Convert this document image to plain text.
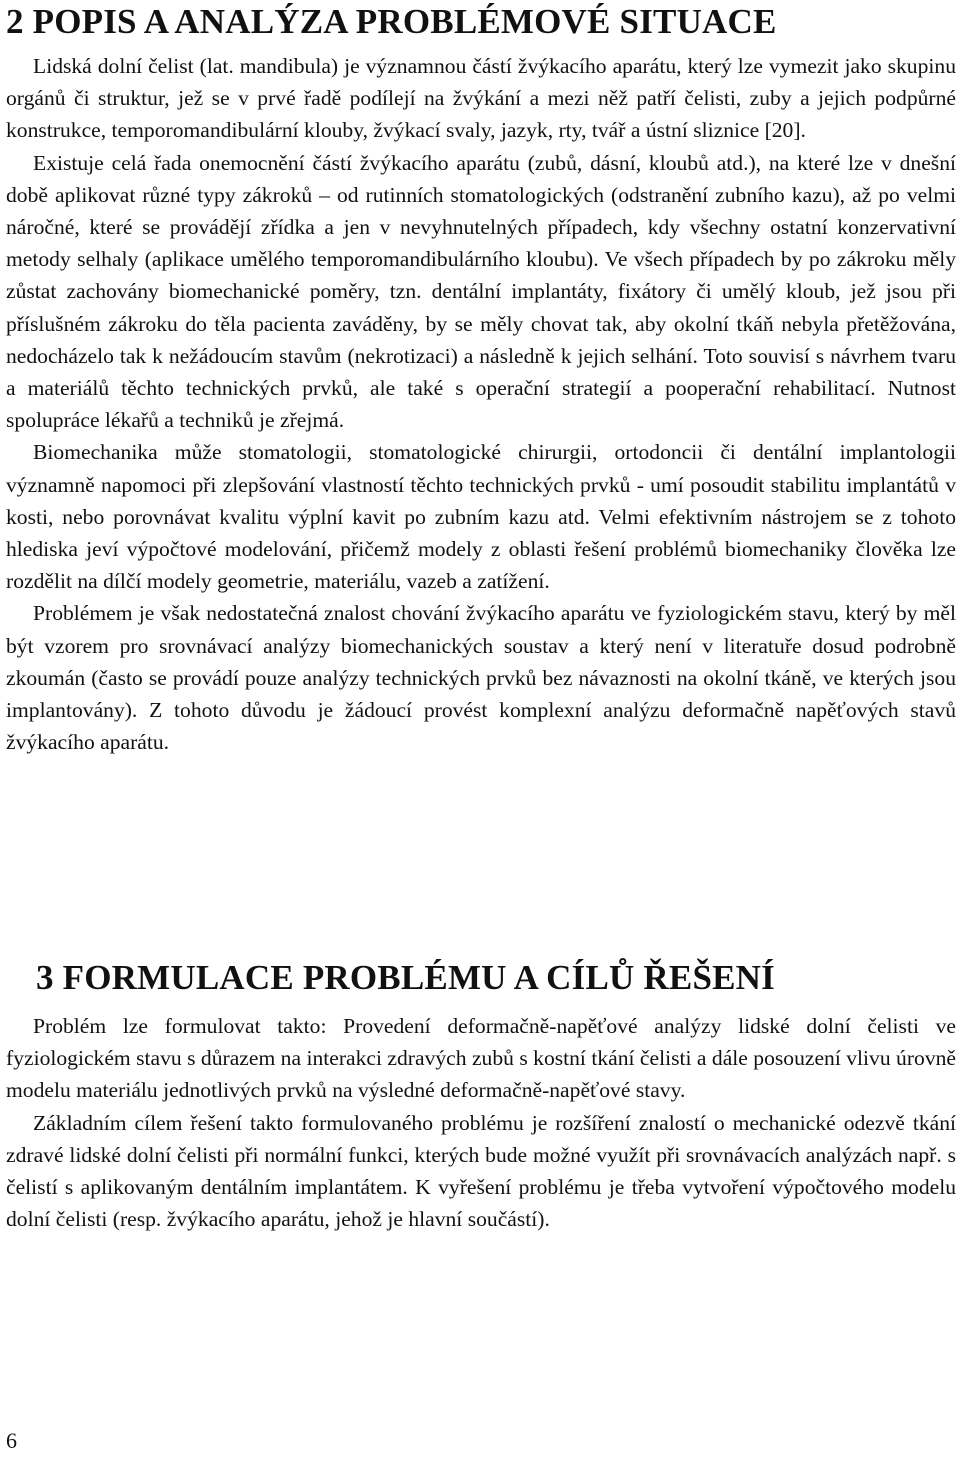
2 POPIS A ANALÝZA PROBLÉMOVÉ SITUACE

Lidská dolní čelist (lat. mandibula) je významnou částí žvýkacího aparátu, který lze vymezit jako skupinu orgánů či struktur, jež se v prvé řadě podílejí na žvýkání a mezi něž patří čelisti, zuby a jejich podpůrné konstrukce, temporomandibulární klouby, žvýkací svaly, jazyk, rty, tvář a ústní sliznice [20].

Existuje celá řada onemocnění částí žvýkacího aparátu (zubů, dásní, kloubů atd.), na které lze v dnešní době aplikovat různé typy zákroků – od rutinních stomatologických (odstranění zubního kazu), až po velmi náročné, které se provádějí zřídka a jen v nevyhnutelných případech, kdy všechny ostatní konzervativní metody selhaly (aplikace umělého temporomandibulárního kloubu). Ve všech případech by po zákroku měly zůstat zachovány biomechanické poměry, tzn. dentální implantáty, fixátory či umělý kloub, jež jsou při příslušném zákroku do těla pacienta zaváděny, by se měly chovat tak, aby okolní tkáň nebyla přetěžována, nedocházelo tak k nežádoucím stavům (nekrotizaci) a následně k jejich selhání. Toto souvisí s návrhem tvaru a materiálů těchto technických prvků, ale také s operační strategií a pooperační rehabilitací. Nutnost spolupráce lékařů a techniků je zřejmá.

Biomechanika může stomatologii, stomatologické chirurgii, ortodoncii či dentální implantologii významně napomoci při zlepšování vlastností těchto technických prvků - umí posoudit stabilitu implantátů v kosti, nebo porovnávat kvalitu výplní kavit po zubním kazu atd. Velmi efektivním nástrojem se z tohoto hlediska jeví výpočtové modelování, přičemž modely z oblasti řešení problémů biomechaniky člověka lze rozdělit na dílčí modely geometrie, materiálu, vazeb a zatížení.

Problémem je však nedostatečná znalost chování žvýkacího aparátu ve fyziologickém stavu, který by měl být vzorem pro srovnávací analýzy biomechanických soustav a který není v literatuře dosud podrobně zkoumán (často se provádí pouze analýzy technických prvků bez návaznosti na okolní tkáně, ve kterých jsou implantovány). Z tohoto důvodu je žádoucí provést komplexní analýzu deformačně napěťových stavů žvýkacího aparátu.

3 FORMULACE PROBLÉMU A CÍLŮ ŘEŠENÍ

Problém lze formulovat takto: Provedení deformačně-napěťové analýzy lidské dolní čelisti ve fyziologickém stavu s důrazem na interakci zdravých zubů s kostní tkání čelisti a dále posouzení vlivu úrovně modelu materiálu jednotlivých prvků na výsledné deformačně-napěťové stavy.

Základním cílem řešení takto formulovaného problému je rozšíření znalostí o mechanické odezvě tkání zdravé lidské dolní čelisti při normální funkci, kterých bude možné využít při srovnávacích analýzách např. s čelistí s aplikovaným dentálním implantátem. K vyřešení problému je třeba vytvoření výpočtového modelu dolní čelisti (resp. žvýkacího aparátu, jehož je hlavní součástí).

6
